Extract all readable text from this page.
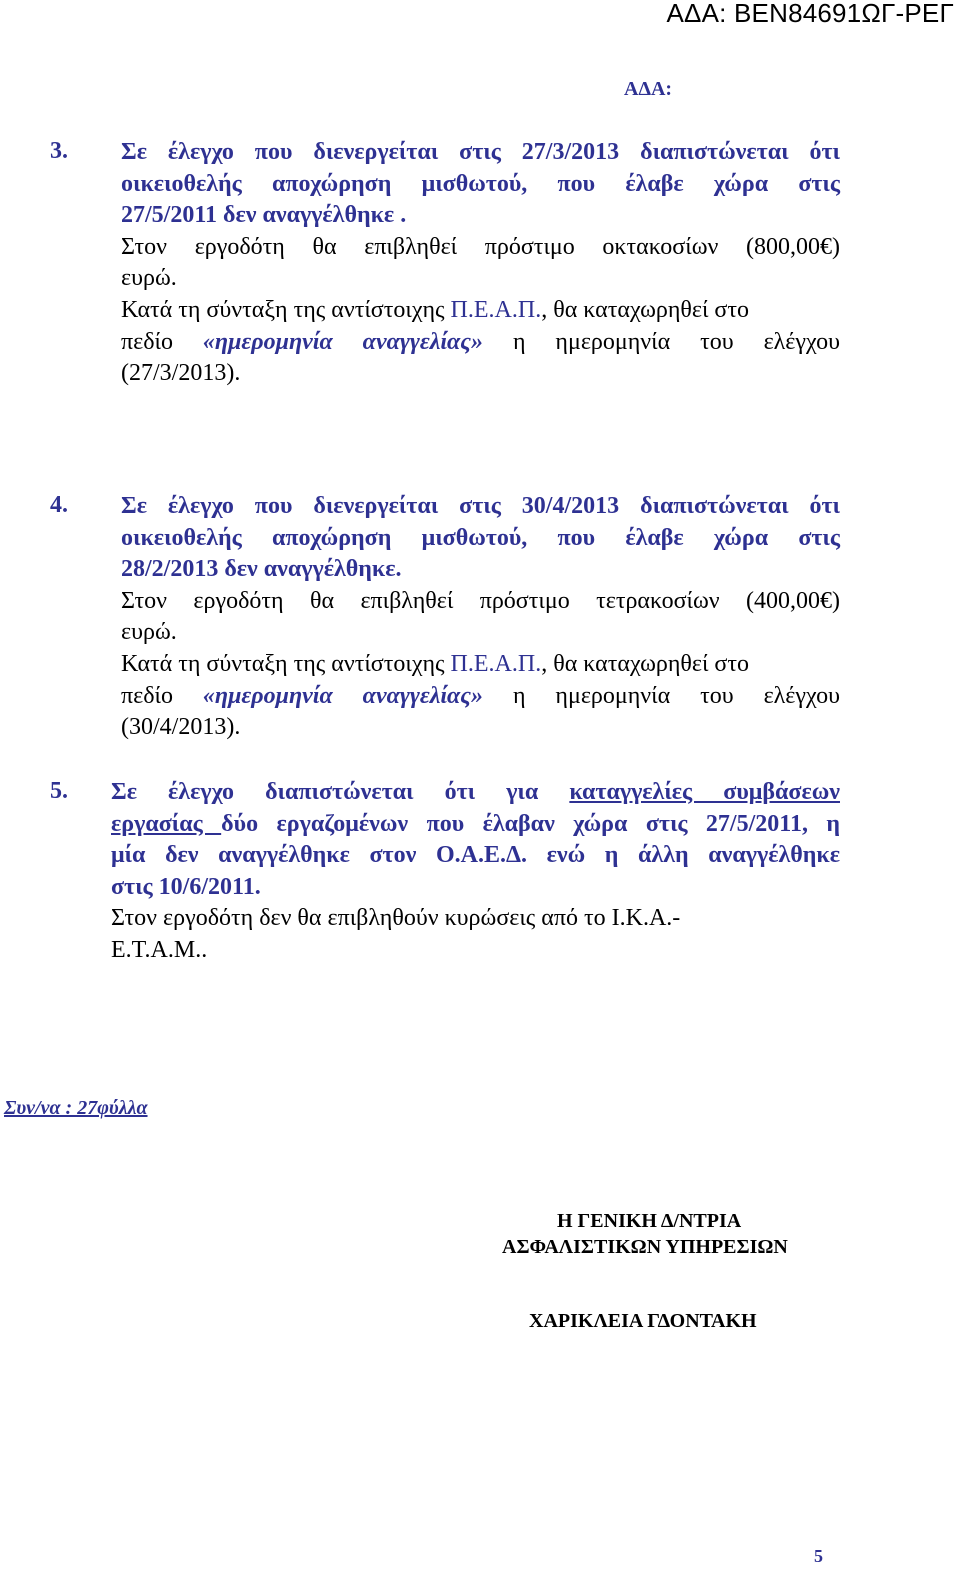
ΑΔΑ: ΒΕΝ84691ΩΓ-ΡΕΓ
ΑΔΑ:
3. Σε έλεγχο που διενεργείται στις 27/3/2013 διαπιστώνεται ότι
οικειοθελής αποχώρηση μισθωτού, που έλαβε χώρα στις
27/5/2011 δεν αναγγέλθηκε .
Στον εργοδότη θα επιβληθεί πρόστιμο οκτακοσίων (800,00€)
ευρώ.
Κατά τη σύνταξη της αντίστοιχης Π.Ε.Α.Π., θα καταχωρηθεί στο
πεδίο «ημερομηνία αναγγελίας» η ημερομηνία του ελέγχου
(27/3/2013).
4. Σε έλεγχο που διενεργείται στις 30/4/2013 διαπιστώνεται ότι
οικειοθελής αποχώρηση μισθωτού, που έλαβε χώρα στις
28/2/2013 δεν αναγγέλθηκε.
Στον εργοδότη θα επιβληθεί πρόστιμο τετρακοσίων (400,00€)
ευρώ.
Κατά τη σύνταξη της αντίστοιχης Π.Ε.Α.Π., θα καταχωρηθεί στο
πεδίο «ημερομηνία αναγγελίας» η ημερομηνία του ελέγχου
(30/4/2013).
5. Σε έλεγχο διαπιστώνεται ότι για καταγγελίες συμβάσεων
εργασίας δύο εργαζομένων που έλαβαν χώρα στις 27/5/2011, η
μία δεν αναγγέλθηκε στον Ο.Α.Ε.Δ. ενώ η άλλη αναγγέλθηκε
στις 10/6/2011.
Στον εργοδότη δεν θα επιβληθούν κυρώσεις από το Ι.Κ.Α.-
Ε.Τ.Α.Μ..
Συν/να : 27φύλλα
Η ΓΕΝΙΚΗ Δ/ΝΤΡΙΑ
ΑΣΦΑΛΙΣΤΙΚΩΝ ΥΠΗΡΕΣΙΩΝ
ΧΑΡΙΚΛΕΙΑ ΓΔΟΝΤΑΚΗ
5
